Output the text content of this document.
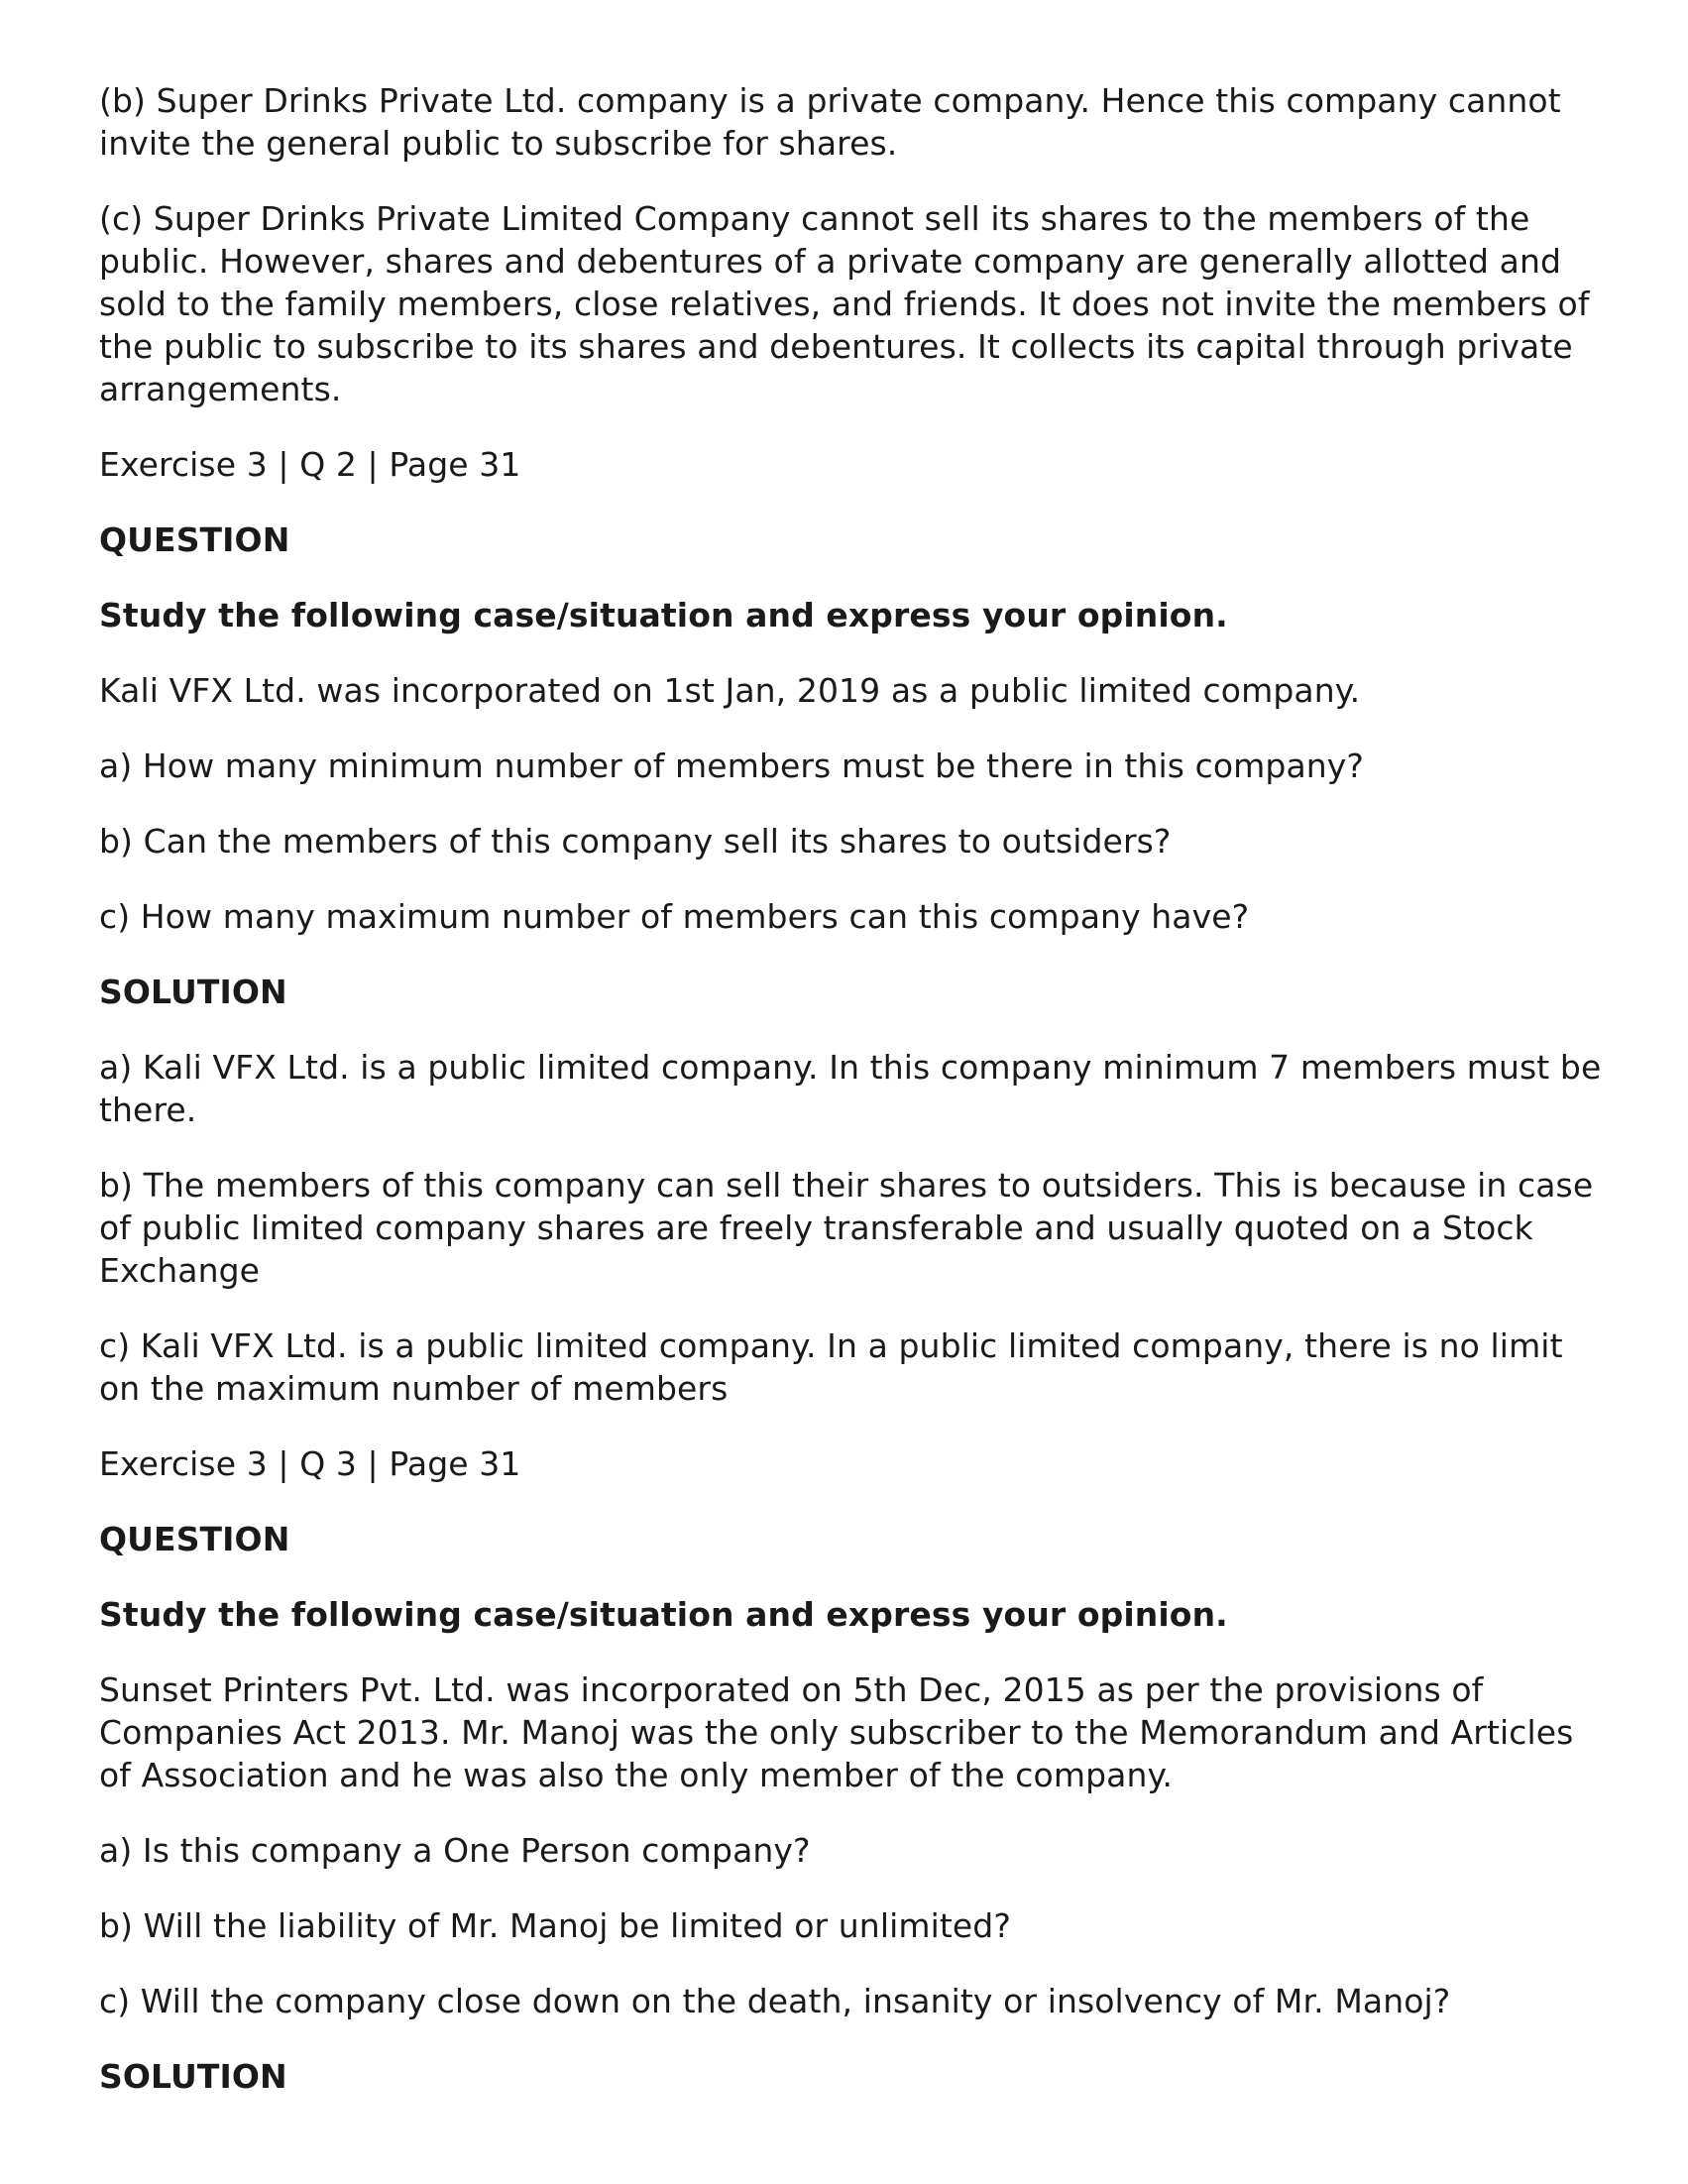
(b) Super Drinks Private Ltd. company is a private company. Hence this company cannot invite the general public to subscribe for shares.

(c) Super Drinks Private Limited Company cannot sell its shares to the members of the public. However, shares and debentures of a private company are generally allotted and sold to the family members, close relatives, and friends. It does not invite the members of the public to subscribe to its shares and debentures. It collects its capital through private arrangements.

Exercise 3 | Q 2 | Page 31

QUESTION

Study the following case/situation and express your opinion.

Kali VFX Ltd. was incorporated on 1st Jan, 2019 as a public limited company.

a) How many minimum number of members must be there in this company?

b) Can the members of this company sell its shares to outsiders?

c) How many maximum number of members can this company have?

SOLUTION

a) Kali VFX Ltd. is a public limited company. In this company minimum 7 members must be there.

b) The members of this company can sell their shares to outsiders. This is because in case of public limited company shares are freely transferable and usually quoted on a Stock Exchange

c) Kali VFX Ltd. is a public limited company. In a public limited company, there is no limit on the maximum number of members

Exercise 3 | Q 3 | Page 31

QUESTION

Study the following case/situation and express your opinion.

Sunset Printers Pvt. Ltd. was incorporated on 5th Dec, 2015 as per the provisions of Companies Act 2013. Mr. Manoj was the only subscriber to the Memorandum and Articles of Association and he was also the only member of the company.

a) Is this company a One Person company?

b) Will the liability of Mr. Manoj be limited or unlimited?

c) Will the company close down on the death, insanity or insolvency of Mr. Manoj?

SOLUTION
